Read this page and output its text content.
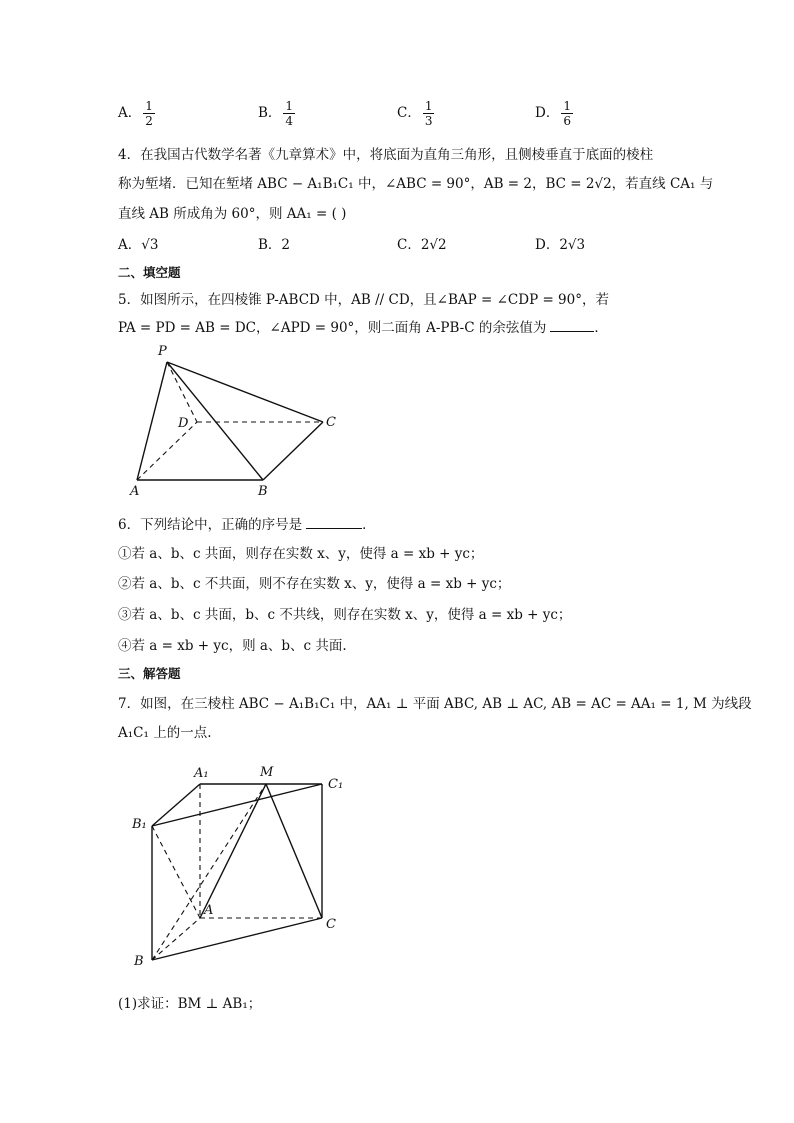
A． $\frac{1}{2}$	B． $\frac{1}{4}$	C． $\frac{1}{3}$	D． $\frac{1}{6}$
4．在我国古代数学名著《九章算术》中，将底面为直角三角形，且侧棱垂直于底面的棱柱
称为堑堵．已知在堑堵 ABC − A₁B₁C₁ 中，∠ABC = 90°，AB = 2，BC = 2√2，若直线 CA₁ 与
直线 AB 所成角为 60°，则 AA₁ = ( )
A．√3	B．2	C．2√2	D．2√3
二、填空题
5．如图所示，在四棱锥 P-ABCD 中，AB // CD，且∠BAP = ∠CDP = 90°，若
PA = PD = AB = DC，∠APD = 90°，则二面角 A-PB-C 的余弦值为	．
P
D	C
A	B
6．下列结论中，正确的序号是	．
①若 a、b、c 共面，则存在实数 x、y，使得 a = xb + yc；
②若 a、b、c 不共面，则不存在实数 x、y，使得 a = xb + yc；
③若 a、b、c 共面，b、c 不共线，则存在实数 x、y，使得 a = xb + yc；
④若 a = xb + yc，则 a、b、c 共面.
三、解答题
7．如图，在三棱柱 ABC − A₁B₁C₁ 中，AA₁ ⊥ 平面 ABC, AB ⊥ AC, AB = AC = AA₁ = 1, M 为线段
A₁C₁ 上的一点.
A₁	M
C₁
B₁
A
C
B
(1)求证：BM ⊥ AB₁；
